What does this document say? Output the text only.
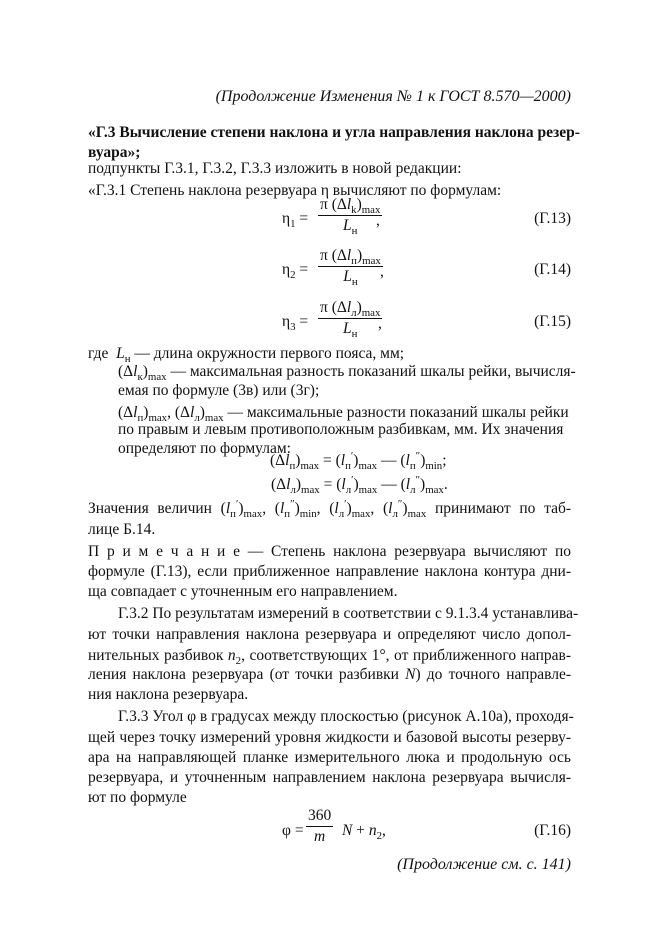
(Продолжение Изменения № 1 к ГОСТ 8.570—2000)
«Г.3 Вычисление степени наклона и угла направления наклона резер-
вуара»;
подпункты Г.3.1, Г.3.2, Г.3.3 изложить в новой редакции:
«Г.3.1 Степень наклона резервуара η вычисляют по формулам:
$\eta_1$ =
π $(\Delta l_k)_{max}$
$L_н$
,	(Г.13)
$\eta_2$ =
π $(\Delta l_п)_{max}$
$L_н$
,	(Г.14)
$\eta_3$ =
π $(\Delta l_л)_{max}$
$L_н$
,	(Г.15)
где $L_н$ — длина окружности первого пояса, мм;
$(\Delta l_к)_{max}$ — максимальная разность показаний шкалы рейки, вычисля-
емая по формуле (3в) или (3г);
$(\Delta l_п)_{max}$, $(\Delta l_л)_{max}$ — максимальные разности показаний шкалы рейки
по правым и левым противоположным разбивкам, мм. Их значения
определяют по формулам:
$(\Delta l_п)_{max} = (l_п')_{max}$ — $(l_п'')_{min}$;
$(\Delta l_л)_{max} = (l_л')_{max}$ — $(l_л'')_{max}$.
Значения величин $(l_п')_{max}$, $(l_п'')_{min}$, $(l_л')_{max}$, $(l_л'')_{max}$ принимают по таб-
лице Б.14.
П р и м е ч а н и е — Степень наклона резервуара вычисляют по
формуле (Г.13), если приближенное направление наклона контура дни-
ща совпадает с уточненным его направлением.
Г.3.2 По результатам измерений в соответствии с 9.1.3.4 устанавлива-
ют точки направления наклона резервуара и определяют число допол-
нительных разбивок $n_2$, соответствующих 1°, от приближенного направ-
ления наклона резервуара (от точки разбивки N) до точного направле-
ния наклона резервуара.
Г.3.3 Угол φ в градусах между плоскостью (рисунок А.10а), проходя-
щей через точку измерений уровня жидкости и базовой высоты резерву-
ара на направляющей планке измерительного люка и продольную ось
резервуара, и уточненным направлением наклона резервуара вычисля-
ют по формуле
$\varphi = \frac{360}{m}$ $N + n_2$,	(Г.16)
(Продолжение см. с. 141)
